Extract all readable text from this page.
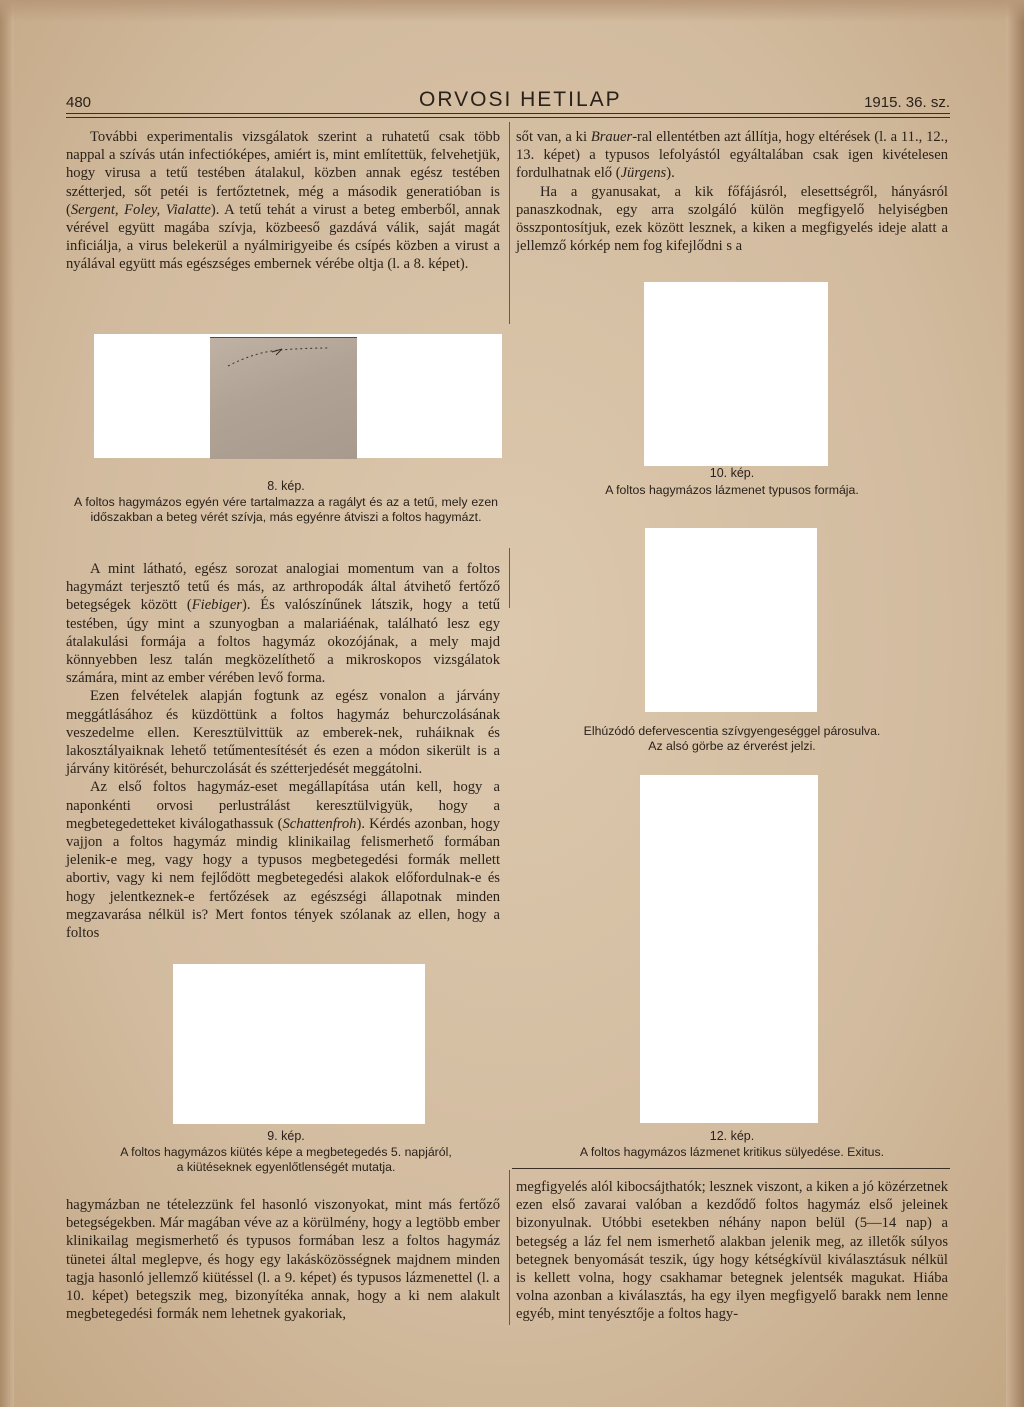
480	ORVOSI HETILAP	1915. 36. sz.

További experimentalis vizsgálatok szerint a ruhatetű csak több nappal a szívás után infectióképes, amiért is, mint említettük, felvehetjük, hogy virusa a tetű testében átalakul, közben annak egész testében szétterjed, sőt petéi is fertőztetnek, még a második generatióban is (Sergent, Foley, Vialatte). A tetű tehát a virust a beteg emberből, annak vérével együtt magába szívja, közbeeső gazdává válik, saját magát inficiálja, a virus belekerül a nyálmirigyeibe és csípés közben a virust a nyálával együtt más egészséges embernek vérébe oltja (l. a 8. képet).

8. kép.
A foltos hagymázos egyén vére tartalmazza a ragályt és az a tetű, mely ezen időszakban a beteg vérét szívja, más egyénre átviszi a foltos hagymázt.

A mint látható, egész sorozat analogiai momentum van a foltos hagymázt terjesztő tetű és más, az arthropodák által átvihető fertőző betegségek között (Fiebiger). És valószínűnek látszik, hogy a tetű testében, úgy mint a szunyogban a malariáénak, található lesz egy átalakulási formája a foltos hagymáz okozójának, a mely majd könnyebben lesz talán megközelíthető a mikroskopos vizsgálatok számára, mint az ember vérében levő forma.

Ezen felvételek alapján fogtunk az egész vonalon a járvány meggátlásához és küzdöttünk a foltos hagymáz behurczolásának veszedelme ellen. Keresztülvittük az emberek-nek, ruháiknak és lakosztályaiknak lehető tetűmentesítését és ezen a módon sikerült is a járvány kitörését, behurczolását és szétterjedését meggátolni.

Az első foltos hagymáz-eset megállapítása után kell, hogy a naponkénti orvosi perlustrálást keresztülvigyük, hogy a megbetegedetteket kiválogathassuk (Schattenfroh). Kérdés azonban, hogy vajjon a foltos hagymáz mindig klinikailag felismerhető formában jelenik-e meg, vagy hogy a typusos megbetegedési formák mellett abortiv, vagy ki nem fejlődött megbetegedési alakok előfordulnak-e és hogy jelentkeznek-e fertőzések az egészségi állapotnak minden megzavarása nélkül is? Mert fontos tények szólanak az ellen, hogy a foltos

9. kép.
A foltos hagymázos kiütés képe a megbetegedés 5. napjáról,
a kiütéseknek egyenlőtlenségét mutatja.

hagymázban ne tételezzünk fel hasonló viszonyokat, mint más fertőző betegségekben. Már magában véve az a körülmény, hogy a legtöbb ember klinikailag megismerhető és typusos formában lesz a foltos hagymáz tünetei által meglepve, és hogy egy lakásközösségnek majdnem minden tagja hasonló jellemző kiütéssel (l. a 9. képet) és typusos lázmenettel (l. a 10. képet) betegszik meg, bizonyítéka annak, hogy a ki nem alakult megbetegedési formák nem lehetnek gyakoriak,

sőt van, a ki Brauer-ral ellentétben azt állítja, hogy eltérések (l. a 11., 12., 13. képet) a typusos lefolyástól egyáltalában csak igen kivételesen fordulhatnak elő (Jürgens).

Ha a gyanusakat, a kik főfájásról, elesettségről, hányásról panaszkodnak, egy arra szolgáló külön megfigyelő helyiségben összpontosítjuk, ezek között lesznek, a kiken a megfigyelés ideje alatt a jellemző kórkép nem fog kifejlődni s a

10. kép.
A foltos hagymázos lázmenet typusos formája.
Elhúzódó defervescentia szívgyengeséggel párosulva.
Az alsó görbe az érverést jelzi.
12. kép.
A foltos hagymázos lázmenet kritikus sülyedése. Exitus.

megfigyelés alól kibocsájthatók; lesznek viszont, a kiken a jó közérzetnek ezen első zavarai valóban a kezdődő foltos hagymáz első jeleinek bizonyulnak. Utóbbi esetekben néhány napon belül (5—14 nap) a betegség a láz fel nem ismerhető alakban jelenik meg, az illetők súlyos betegnek benyomását teszik, úgy hogy kétségkívül kiválasztásuk nélkül is kellett volna, hogy csakhamar betegnek jelentsék magukat. Hiába volna azonban a kiválasztás, ha egy ilyen megfigyelő barakk nem lenne egyéb, mint tenyésztője a foltos hagy-
